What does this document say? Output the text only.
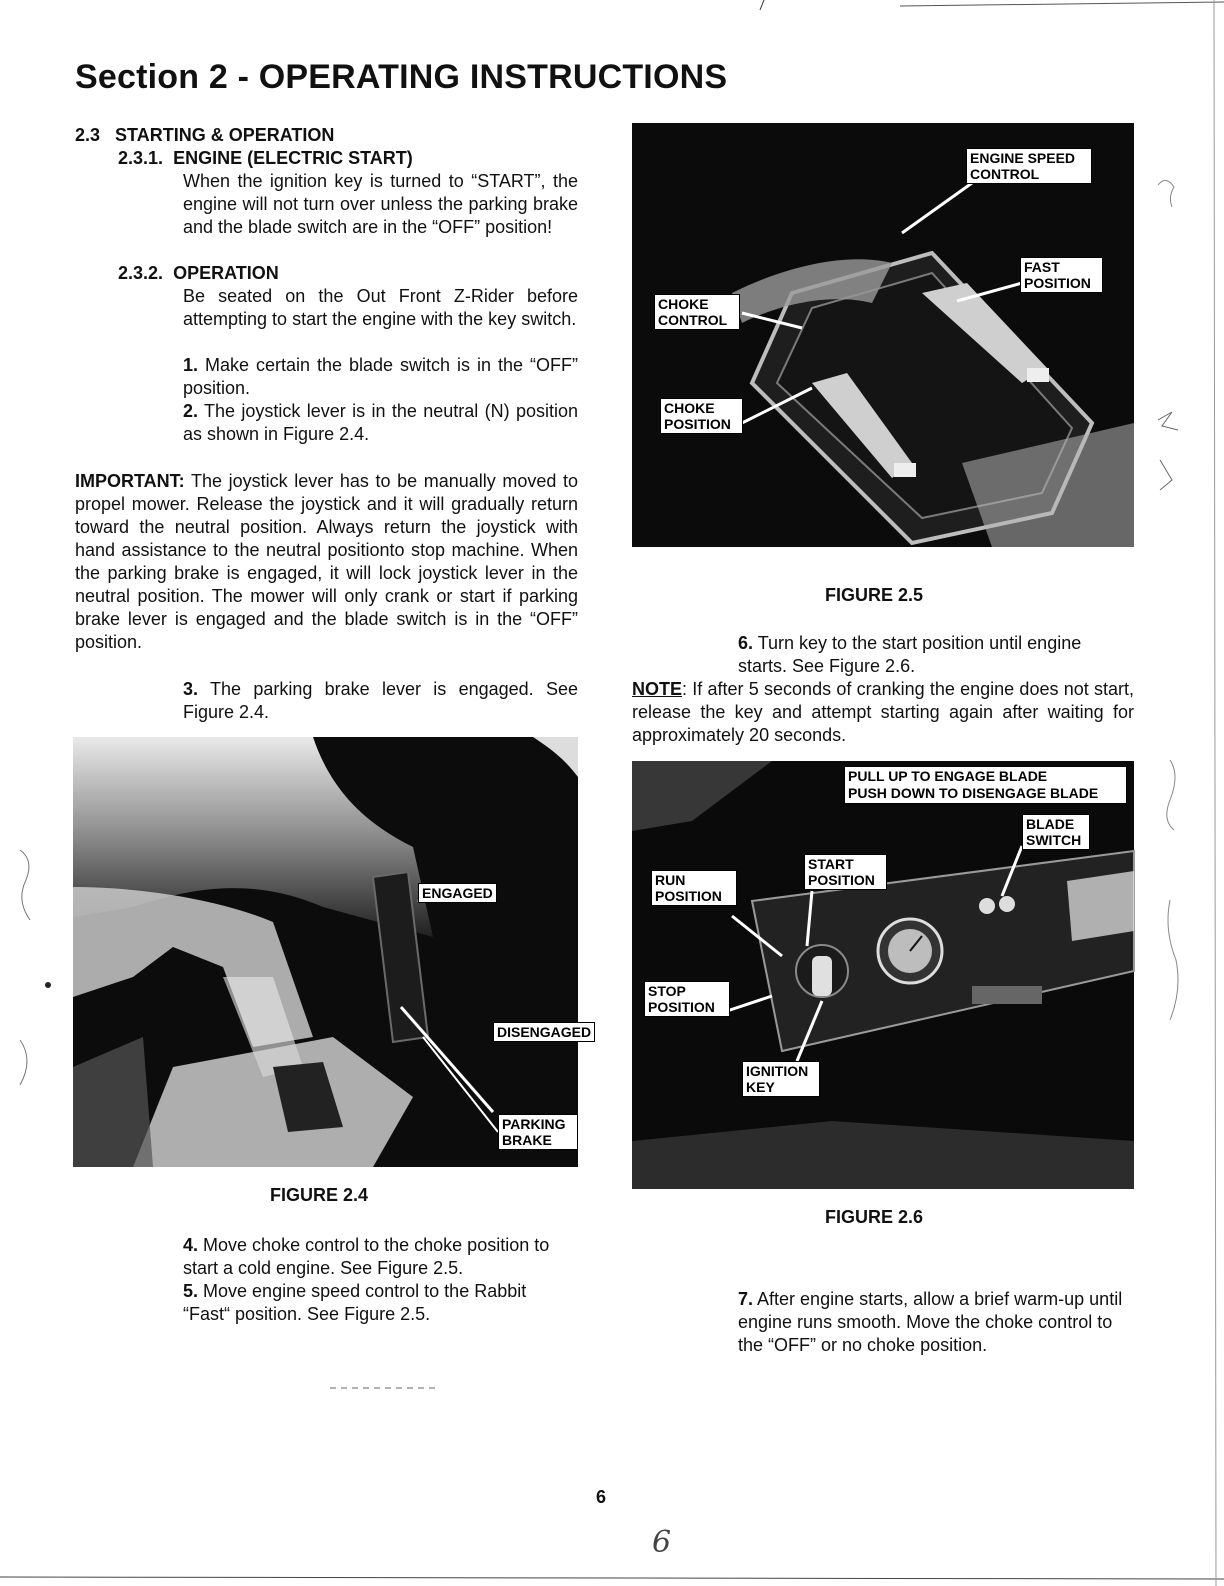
Section 2 - OPERATING INSTRUCTIONS
2.3 STARTING & OPERATION
2.3.1. ENGINE (ELECTRIC START)
When the ignition key is turned to “START”, the engine will not turn over unless the parking brake and the blade switch are in the “OFF” position!
2.3.2. OPERATION
Be seated on the Out Front Z-Rider before attempting to start the engine with the key switch.
1. Make certain the blade switch is in the “OFF” position.
2. The joystick lever is in the neutral (N) position as shown in Figure 2.4.
IMPORTANT: The joystick lever has to be manually moved to propel mower. Release the joystick and it will gradually return toward the neutral position. Always return the joystick with hand assistance to the neutral positionto stop machine. When the parking brake is engaged, it will lock joystick lever in the neutral position. The mower will only crank or start if parking brake lever is engaged and the blade switch is in the “OFF” position.
3. The parking brake lever is engaged. See Figure 2.4.
ENGAGED
DISENGAGED
PARKING BRAKE
FIGURE 2.4
4. Move choke control to the choke position to start a cold engine. See Figure 2.5.
5. Move engine speed control to the Rabbit “Fast“ position. See Figure 2.5.
ENGINE SPEED CONTROL
FAST POSITION
CHOKE CONTROL
CHOKE POSITION
FIGURE 2.5
6. Turn key to the start position until engine starts. See Figure 2.6.
NOTE: If after 5 seconds of cranking the engine does not start, release the key and attempt starting again after waiting for approximately 20 seconds.
PULL UP TO ENGAGE BLADE
PUSH DOWN TO DISENGAGE BLADE
BLADE SWITCH
START POSITION
RUN POSITION
STOP POSITION
IGNITION KEY
FIGURE 2.6
7. After engine starts, allow a brief warm-up until engine runs smooth. Move the choke control to the “OFF” or no choke position.
6
6
